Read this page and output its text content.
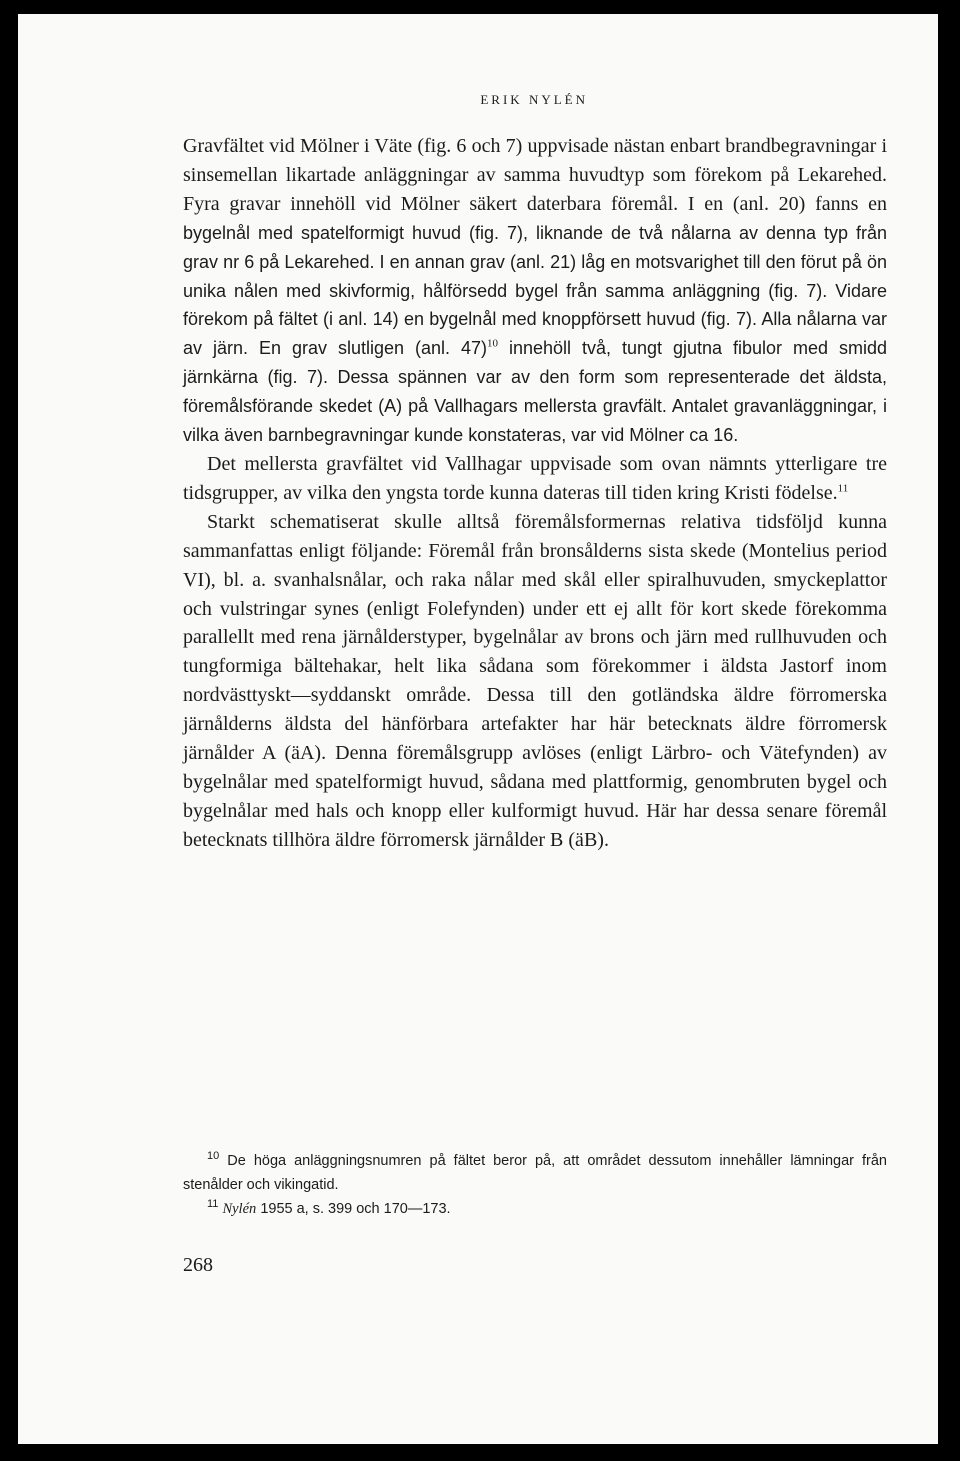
ERIK NYLÉN

Gravfältet vid Mölner i Väte (fig. 6 och 7) uppvisade nästan enbart brandbegravningar i sinsemellan likartade anläggningar av samma huvudtyp som förekom på Lekarehed. Fyra gravar innehöll vid Mölner säkert daterbara föremål. I en (anl. 20) fanns en bygelnål med spatelformigt huvud (fig. 7), liknande de två nålarna av denna typ från grav nr 6 på Lekarehed. I en annan grav (anl. 21) låg en motsvarighet till den förut på ön unika nålen med skivformig, hålförsedd bygel från samma anläggning (fig. 7). Vidare förekom på fältet (i anl. 14) en bygelnål med knoppförsett huvud (fig. 7). Alla nålarna var av järn. En grav slutligen (anl. 47)$^{10}$ innehöll två, tungt gjutna fibulor med smidd järnkärna (fig. 7). Dessa spännen var av den form som representerade det äldsta, föremålsförande skedet (A) på Vallhagars mellersta gravfält. Antalet gravanläggningar, i vilka även barnbegravningar kunde konstateras, var vid Mölner ca 16.

Det mellersta gravfältet vid Vallhagar uppvisade som ovan nämnts ytterligare tre tidsgrupper, av vilka den yngsta torde kunna dateras till tiden kring Kristi födelse.$^{11}$

Starkt schematiserat skulle alltså föremålsformernas relativa tidsföljd kunna sammanfattas enligt följande: Föremål från bronsålderns sista skede (Montelius period VI), bl. a. svanhalsnålar, och raka nålar med skål eller spiralhuvuden, smyckeplattor och vulstringar synes (enligt Folefynden) under ett ej allt för kort skede förekomma parallellt med rena järnålderstyper, bygelnålar av brons och järn med rullhuvuden och tungformiga bältehakar, helt lika sådana som förekommer i äldsta Jastorf inom nordvästtyskt—syddanskt område. Dessa till den gotländska äldre förromerska järnålderns äldsta del hänförbara artefakter har här betecknats äldre förromersk järnålder A (äA). Denna föremålsgrupp avlöses (enligt Lärbro- och Vätefynden) av bygelnålar med spatelformigt huvud, sådana med plattformig, genombruten bygel och bygelnålar med hals och knopp eller kulformigt huvud. Här har dessa senare föremål betecknats tillhöra äldre förromersk järnålder B (äB).

$^{10}$ De höga anläggningsnumren på fältet beror på, att området dessutom innehåller lämningar från stenålder och vikingatid.

$^{11}$ Nylén 1955 a, s. 399 och 170—173.

268
